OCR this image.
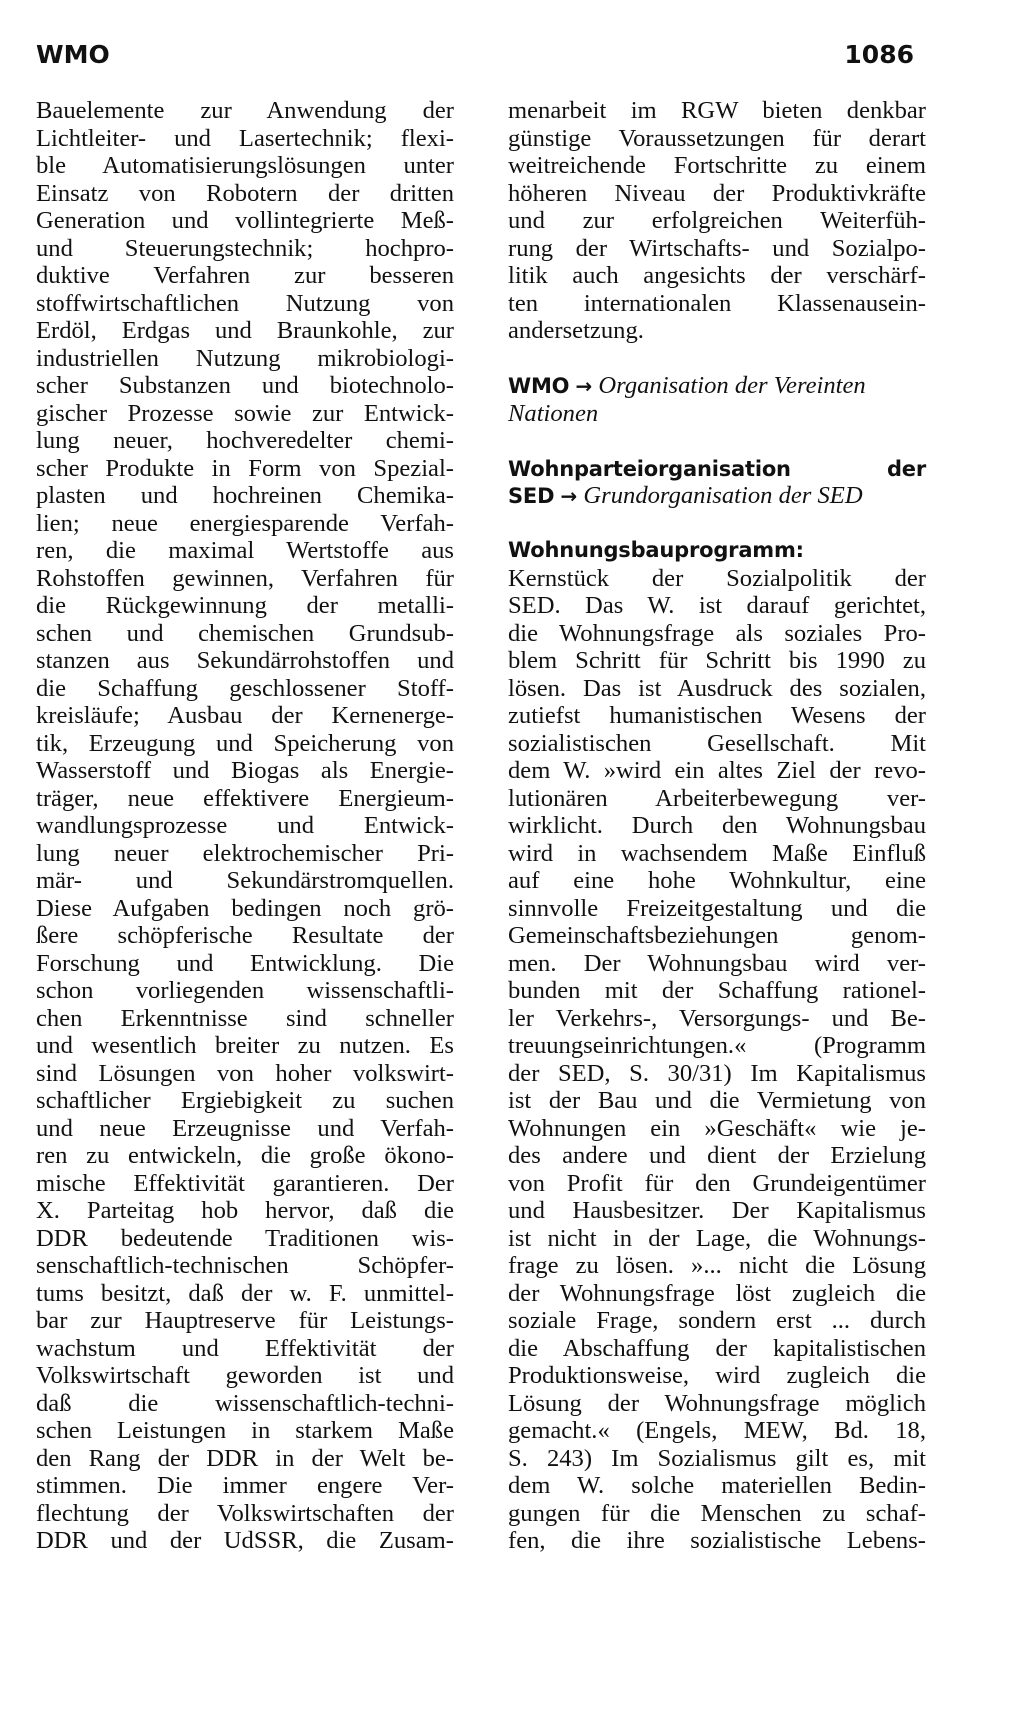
WMO	1086
Bauelemente zur Anwendung der
Lichtleiter- und Lasertechnik; flexi-
ble Automatisierungslösungen unter
Einsatz von Robotern der dritten
Generation und vollintegrierte Meß-
und Steuerungstechnik; hochpro-
duktive Verfahren zur besseren
stoffwirtschaftlichen Nutzung von
Erdöl, Erdgas und Braunkohle, zur
industriellen Nutzung mikrobiologi-
scher Substanzen und biotechnolo-
gischer Prozesse sowie zur Entwick-
lung neuer, hochveredelter chemi-
scher Produkte in Form von Spezial-
plasten und hochreinen Chemika-
lien; neue energiesparende Verfah-
ren, die maximal Wertstoffe aus
Rohstoffen gewinnen, Verfahren für
die Rückgewinnung der metalli-
schen und chemischen Grundsub-
stanzen aus Sekundärrohstoffen und
die Schaffung geschlossener Stoff-
kreisläufe; Ausbau der Kernenerge-
tik, Erzeugung und Speicherung von
Wasserstoff und Biogas als Energie-
träger, neue effektivere Energieum-
wandlungsprozesse und Entwick-
lung neuer elektrochemischer Pri-
mär- und Sekundärstromquellen.
Diese Aufgaben bedingen noch grö-
ßere schöpferische Resultate der
Forschung und Entwicklung. Die
schon vorliegenden wissenschaftli-
chen Erkenntnisse sind schneller
und wesentlich breiter zu nutzen. Es
sind Lösungen von hoher volkswirt-
schaftlicher Ergiebigkeit zu suchen
und neue Erzeugnisse und Verfah-
ren zu entwickeln, die große ökono-
mische Effektivität garantieren. Der
X. Parteitag hob hervor, daß die
DDR bedeutende Traditionen wis-
senschaftlich-technischen Schöpfer-
tums besitzt, daß der w. F. unmittel-
bar zur Hauptreserve für Leistungs-
wachstum und Effektivität der
Volkswirtschaft geworden ist und
daß die wissenschaftlich-techni-
schen Leistungen in starkem Maße
den Rang der DDR in der Welt be-
stimmen. Die immer engere Ver-
flechtung der Volkswirtschaften der
DDR und der UdSSR, die Zusam-
menarbeit im RGW bieten denkbar
günstige Voraussetzungen für derart
weitreichende Fortschritte zu einem
höheren Niveau der Produktivkräfte
und zur erfolgreichen Weiterfüh-
rung der Wirtschafts- und Sozialpo-
litik auch angesichts der verschärf-
ten internationalen Klassenausein-
andersetzung.
WMO → Organisation der Vereinten
Nationen
Wohnparteiorganisation	der
SED → Grundorganisation der SED
Wohnungsbauprogramm:
Kernstück der Sozialpolitik der
SED. Das W. ist darauf gerichtet,
die Wohnungsfrage als soziales Pro-
blem Schritt für Schritt bis 1990 zu
lösen. Das ist Ausdruck des sozialen,
zutiefst humanistischen Wesens der
sozialistischen Gesellschaft. Mit
dem W. »wird ein altes Ziel der revo-
lutionären Arbeiterbewegung ver-
wirklicht. Durch den Wohnungsbau
wird in wachsendem Maße Einfluß
auf eine hohe Wohnkultur, eine
sinnvolle Freizeitgestaltung und die
Gemeinschaftsbeziehungen genom-
men. Der Wohnungsbau wird ver-
bunden mit der Schaffung rationel-
ler Verkehrs-, Versorgungs- und Be-
treuungseinrichtungen.« (Programm
der SED, S. 30/31) Im Kapitalismus
ist der Bau und die Vermietung von
Wohnungen ein »Geschäft« wie je-
des andere und dient der Erzielung
von Profit für den Grundeigentümer
und Hausbesitzer. Der Kapitalismus
ist nicht in der Lage, die Wohnungs-
frage zu lösen. »... nicht die Lösung
der Wohnungsfrage löst zugleich die
soziale Frage, sondern erst ... durch
die Abschaffung der kapitalistischen
Produktionsweise, wird zugleich die
Lösung der Wohnungsfrage möglich
gemacht.« (Engels, MEW, Bd. 18,
S. 243) Im Sozialismus gilt es, mit
dem W. solche materiellen Bedin-
gungen für die Menschen zu schaf-
fen, die ihre sozialistische Lebens-
